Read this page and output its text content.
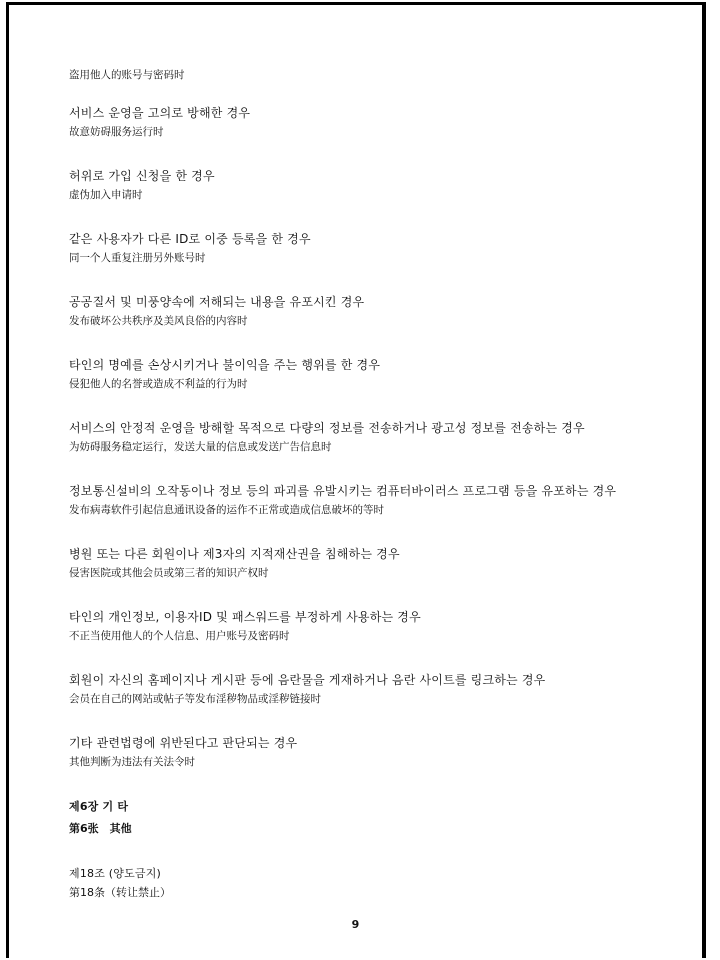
盗用他人的账号与密码时
서비스 운영을 고의로 방해한 경우
故意妨碍服务运行时
허위로 가입 신청을 한 경우
虚伪加入申请时
같은 사용자가 다른 ID로 이중 등록을 한 경우
同一个人重复注册另外账号时
공공질서 및 미풍양속에 저해되는 내용을 유포시킨 경우
发布破坏公共秩序及美风良俗的内容时
타인의 명예를 손상시키거나 불이익을 주는 행위를 한 경우
侵犯他人的名誉或造成不利益的行为时
서비스의 안정적 운영을 방해할 목적으로 다량의 정보를 전송하거나 광고성 정보를 전송하는 경우
为妨碍服务稳定运行，发送大量的信息或发送广告信息时
정보통신설비의 오작동이나 정보 등의 파괴를 유발시키는 컴퓨터바이러스 프로그램 등을 유포하는 경우
发布病毒软件引起信息通讯设备的运作不正常或造成信息破坏的等时
병원 또는 다른 회원이나 제3자의 지적재산권을 침해하는 경우
侵害医院或其他会员或第三者的知识产权时
타인의 개인정보, 이용자ID 및 패스워드를 부정하게 사용하는 경우
不正当使用他人的个人信息、用户账号及密码时
회원이 자신의 홈페이지나 게시판 등에 음란물을 게재하거나 음란 사이트를 링크하는 경우
会员在自己的网站或帖子等发布淫秽物品或淫秽链接时
기타 관련법령에 위반된다고 판단되는 경우
其他判断为违法有关法令时
제6장 기 타
第6张　其他
제18조 (양도금지)
第18条（转让禁止）
9
